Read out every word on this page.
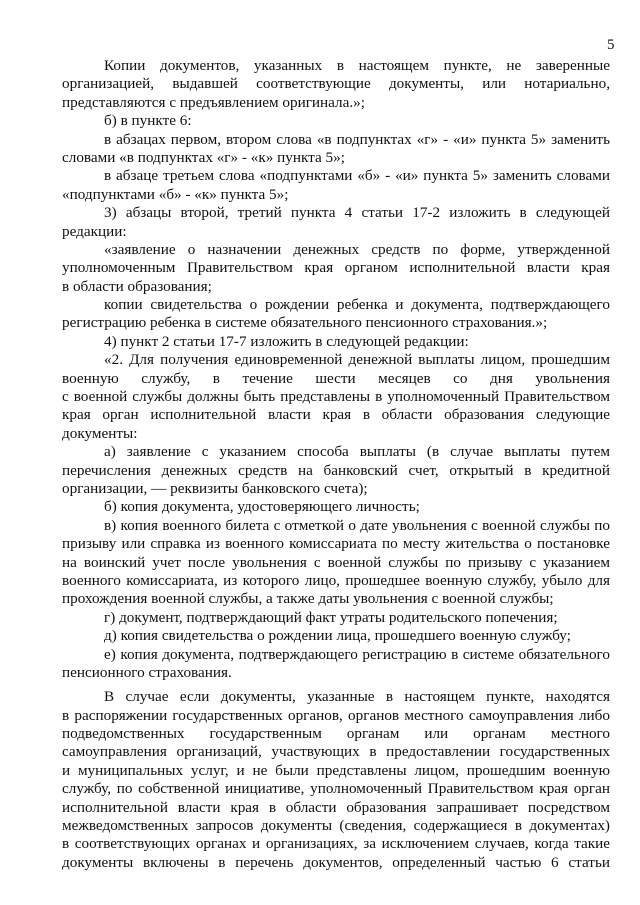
5
Копии документов, указанных в настоящем пункте, не заверенные
организацией, выдавшей соответствующие документы, или нотариально,
представляются с предъявлением оригинала.»;
б) в пункте 6:
в абзацах первом, втором слова «в подпунктах «г» - «и» пункта 5» заменить
словами «в подпунктах «г» - «к» пункта 5»;
в абзаце третьем слова «подпунктами «б» - «и» пункта 5» заменить словами
«подпунктами «б» - «к» пункта 5»;
3) абзацы второй, третий пункта 4 статьи 17-2 изложить в следующей
редакции:
«заявление о назначении денежных средств по форме, утвержденной
уполномоченным Правительством края органом исполнительной власти края
в области образования;
копии свидетельства о рождении ребенка и документа, подтверждающего
регистрацию ребенка в системе обязательного пенсионного страхования.»;
4) пункт 2 статьи 17-7 изложить в следующей редакции:
«2. Для получения единовременной денежной выплаты лицом, прошедшим
военную службу, в течение шести месяцев со дня увольнения
с военной службы должны быть представлены в уполномоченный Правительством
края орган исполнительной власти края в области образования следующие
документы:
а) заявление с указанием способа выплаты (в случае выплаты путем
перечисления денежных средств на банковский счет, открытый в кредитной
организации, — реквизиты банковского счета);
б) копия документа, удостоверяющего личность;
в) копия военного билета с отметкой о дате увольнения с военной службы по
призыву или справка из военного комиссариата по месту жительства о постановке
на воинский учет после увольнения с военной службы по призыву с указанием
военного комиссариата, из которого лицо, прошедшее военную службу, убыло для
прохождения военной службы, а также даты увольнения с военной службы;
г) документ, подтверждающий факт утраты родительского попечения;
д) копия свидетельства о рождении лица, прошедшего военную службу;
е) копия документа, подтверждающего регистрацию в системе обязательного
пенсионного страхования.
В случае если документы, указанные в настоящем пункте, находятся
в распоряжении государственных органов, органов местного самоуправления либо
подведомственных государственным органам или органам местного
самоуправления организаций, участвующих в предоставлении государственных
и муниципальных услуг, и не были представлены лицом, прошедшим военную
службу, по собственной инициативе, уполномоченный Правительством края орган
исполнительной власти края в области образования запрашивает посредством
межведомственных запросов документы (сведения, содержащиеся в документах)
в соответствующих органах и организациях, за исключением случаев, когда такие
документы включены в перечень документов, определенный частью 6 статьи
